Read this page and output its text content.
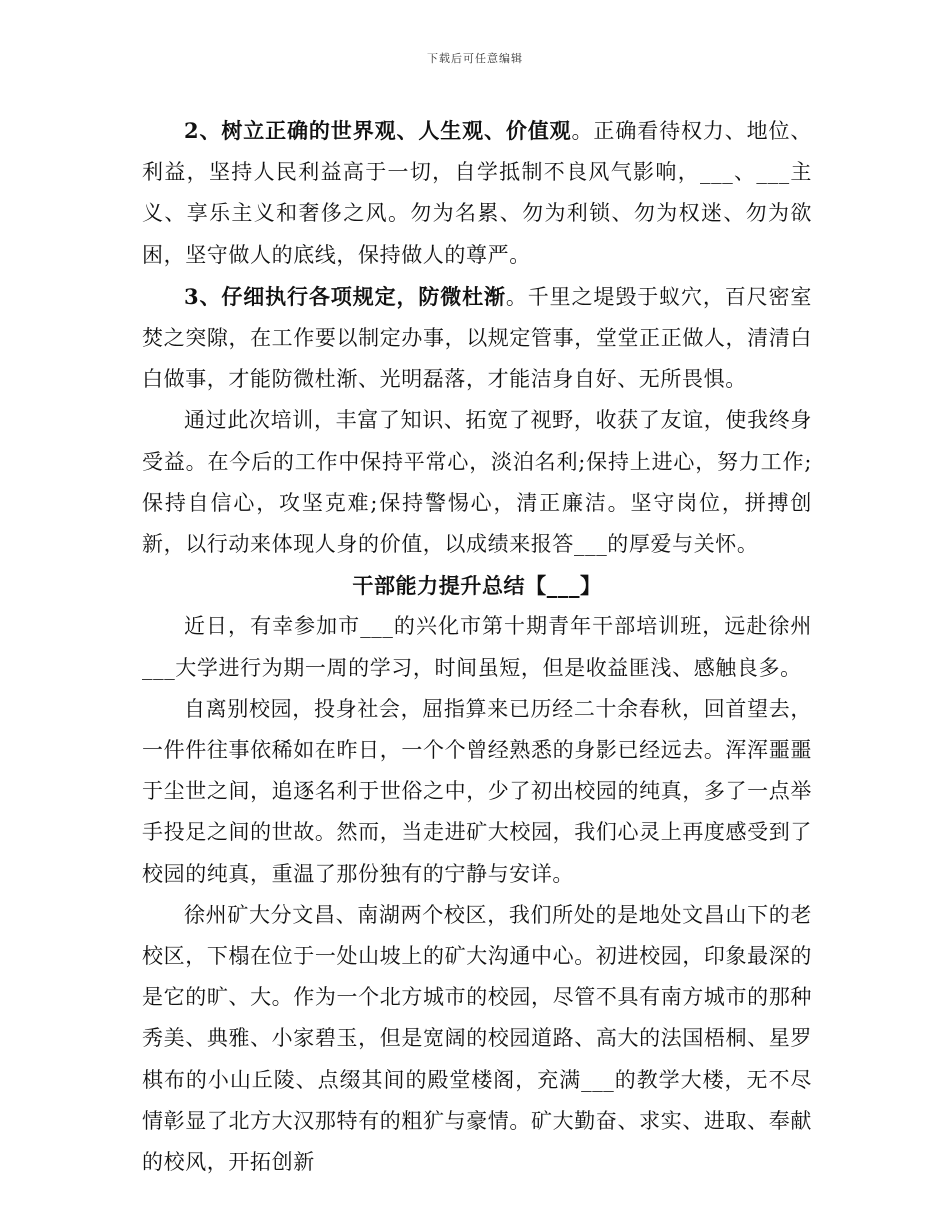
下载后可任意编辑

2、树立正确的世界观、人生观、价值观。正确看待权力、地位、利益，坚持人民利益高于一切，自学抵制不良风气影响，___、___主义、享乐主义和奢侈之风。勿为名累、勿为利锁、勿为权迷、勿为欲困，坚守做人的底线，保持做人的尊严。

3、仔细执行各项规定，防微杜渐。千里之堤毁于蚁穴，百尺密室焚之突隙，在工作要以制定办事，以规定管事，堂堂正正做人，清清白白做事，才能防微杜渐、光明磊落，才能洁身自好、无所畏惧。

通过此次培训，丰富了知识、拓宽了视野，收获了友谊，使我终身受益。在今后的工作中保持平常心，淡泊名利;保持上进心，努力工作;保持自信心，攻坚克难;保持警惕心，清正廉洁。坚守岗位，拼搏创新，以行动来体现人身的价值，以成绩来报答___的厚爱与关怀。

干部能力提升总结【___】

近日，有幸参加市___的兴化市第十期青年干部培训班，远赴徐州___大学进行为期一周的学习，时间虽短，但是收益匪浅、感触良多。

自离别校园，投身社会，屈指算来已历经二十余春秋，回首望去，一件件往事依稀如在昨日，一个个曾经熟悉的身影已经远去。浑浑噩噩于尘世之间，追逐名利于世俗之中，少了初出校园的纯真，多了一点举手投足之间的世故。然而，当走进矿大校园，我们心灵上再度感受到了校园的纯真，重温了那份独有的宁静与安详。

徐州矿大分文昌、南湖两个校区，我们所处的是地处文昌山下的老校区，下榻在位于一处山坡上的矿大沟通中心。初进校园，印象最深的是它的旷、大。作为一个北方城市的校园，尽管不具有南方城市的那种秀美、典雅、小家碧玉，但是宽阔的校园道路、高大的法国梧桐、星罗棋布的小山丘陵、点缀其间的殿堂楼阁，充满___的教学大楼，无不尽情彰显了北方大汉那特有的粗犷与豪情。矿大勤奋、求实、进取、奉献的校风，开拓创新
